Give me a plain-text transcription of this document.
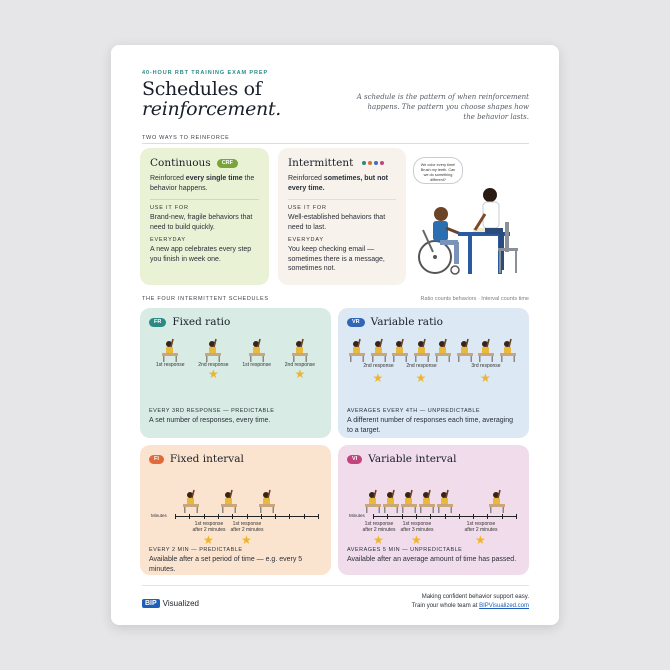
40-HOUR RBT TRAINING EXAM PREP
Schedules of
reinforcement.
A schedule is the pattern of when reinforcement happens. The pattern you choose shapes how the behavior lasts.
TWO WAYS TO REINFORCE
Continuous	CRF
Reinforced every single time the behavior happens.
USE IT FOR
Brand-new, fragile behaviors that need to build quickly.
EVERYDAY
A new app celebrates every step you finish in week one.
Intermittent
Reinforced sometimes, but not every time.
USE IT FOR
Well-established behaviors that need to last.
EVERYDAY
You keep checking email — sometimes there is a message, sometimes not.
We color every time! Brush my teeth. Can we do something different?
THE FOUR INTERMITTENT SCHEDULES	Ratio counts behaviors · Interval counts time
FR	Fixed ratio
1st response	2nd response
★
1st response	2nd response
★
EVERY 3RD RESPONSE — PREDICTABLE
A set number of responses, every time.
VR	Variable ratio
2nd response
★
2nd response
★
3rd response
★
AVERAGES EVERY 4TH — UNPREDICTABLE
A different number of responses each time, averaging to a target.
FI	Fixed interval
Minutes
1st response after 2 minutes
★
1st response after 2 minutes
★
EVERY 2 MIN — PREDICTABLE
Available after a set period of time — e.g. every 5 minutes.
VI	Variable interval
Minutes
1st response after 2 minutes
★
1st response after 3 minutes
★
1st response after 2 minutes
★
AVERAGES 5 MIN — UNPREDICTABLE
Available after an average amount of time has passed.
BIP Visualized
Making confident behavior support easy.
Train your whole team at BIPVisualized.com
